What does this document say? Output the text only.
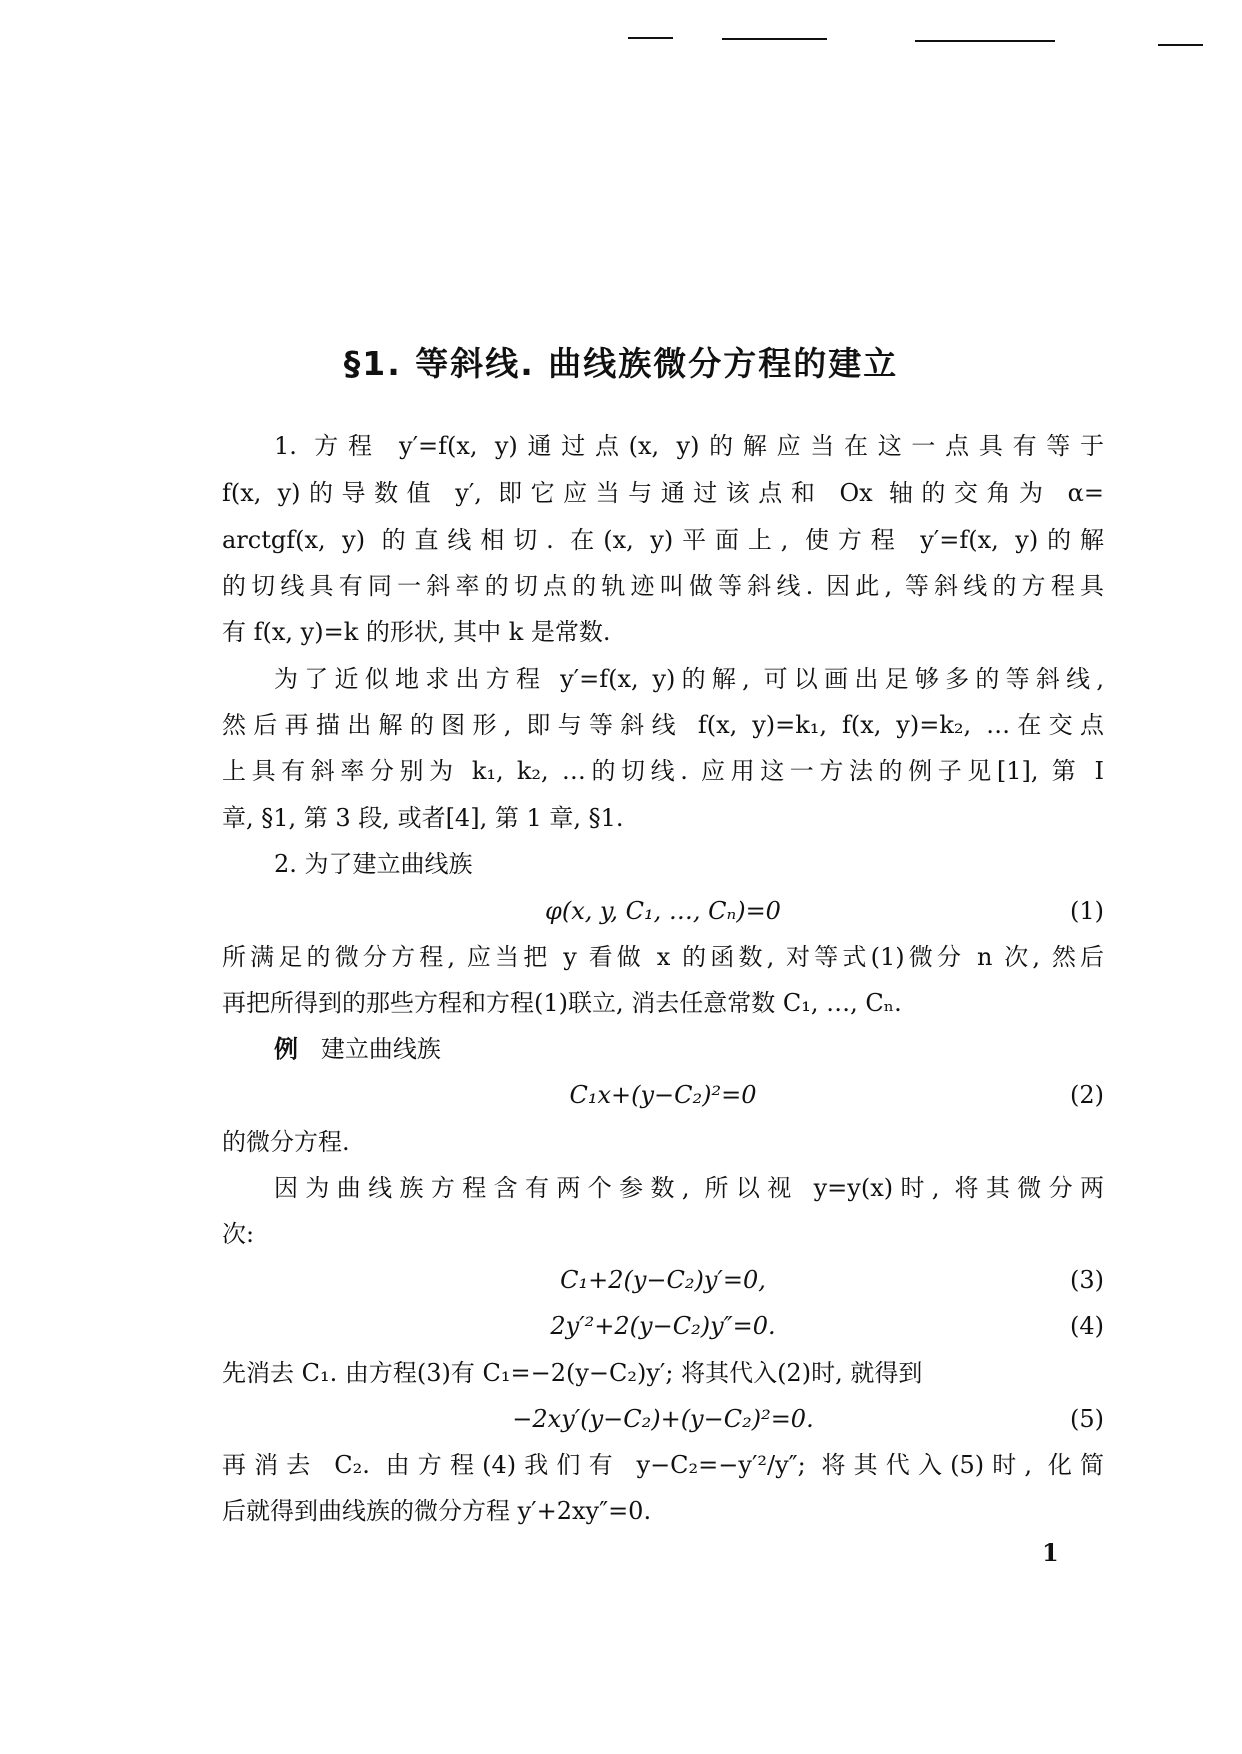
§1. 等斜线. 曲线族微分方程的建立
1. 方程 y′=f(x, y)通过点(x, y)的解应当在这一点具有等于
f(x, y)的导数值 y′, 即它应当与通过该点和 Ox 轴的交角为 α=
arctgf(x, y) 的直线相切. 在(x, y)平面上, 使方程 y′=f(x, y)的解
的切线具有同一斜率的切点的轨迹叫做等斜线. 因此, 等斜线的方程具
有 f(x, y)=k 的形状, 其中 k 是常数.
为了近似地求出方程 y′=f(x, y)的解, 可以画出足够多的等斜线,
然后再描出解的图形, 即与等斜线 f(x, y)=k₁, f(x, y)=k₂, …在交点
上具有斜率分别为 k₁, k₂, …的切线. 应用这一方法的例子见[1], 第 I
章, §1, 第 3 段, 或者[4], 第 1 章, §1.
2. 为了建立曲线族
φ(x, y, C₁, …, Cₙ)=0	(1)
所满足的微分方程, 应当把 y 看做 x 的函数, 对等式(1)微分 n 次, 然后
再把所得到的那些方程和方程(1)联立, 消去任意常数 C₁, …, Cₙ.
例 建立曲线族
C₁x+(y−C₂)²=0	(2)
的微分方程.
因为曲线族方程含有两个参数, 所以视 y=y(x)时, 将其微分两
次:
C₁+2(y−C₂)y′=0,	(3)
2y′²+2(y−C₂)y″=0.	(4)
先消去 C₁. 由方程(3)有 C₁=−2(y−C₂)y′; 将其代入(2)时, 就得到
−2xy′(y−C₂)+(y−C₂)²=0.	(5)
再消去 C₂. 由方程(4)我们有 y−C₂=−y′²/y″; 将其代入(5)时, 化简
后就得到曲线族的微分方程 y′+2xy″=0.
1
